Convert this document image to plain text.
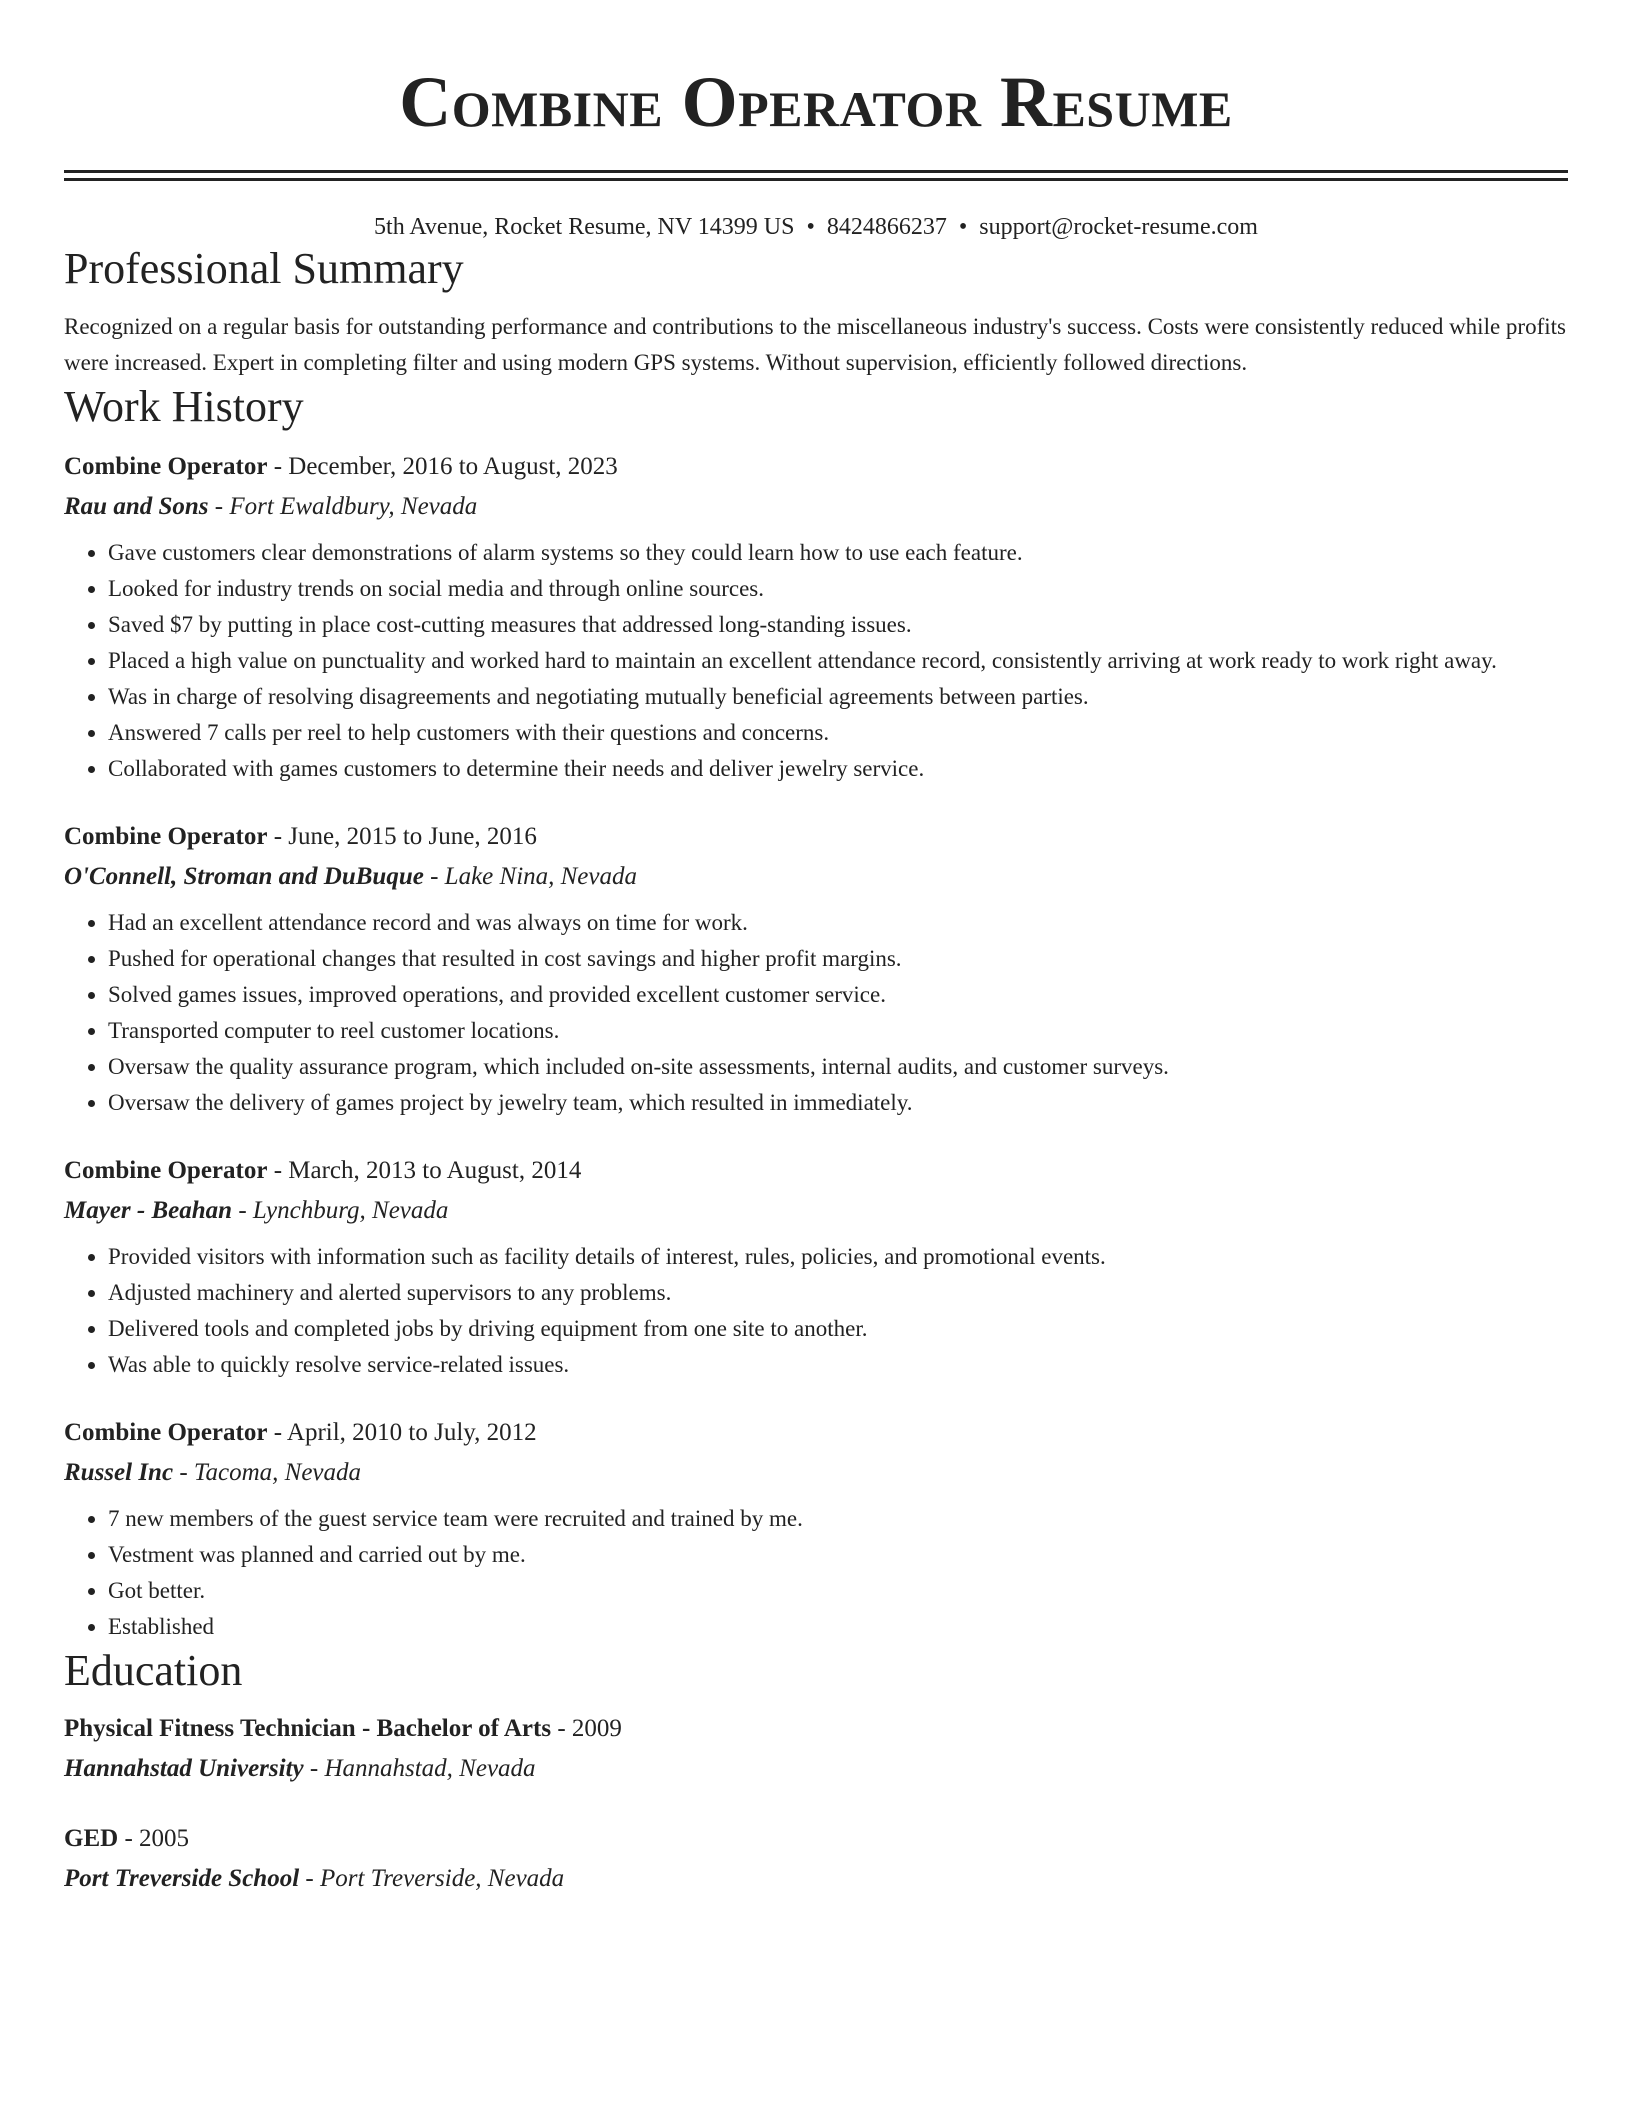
Combine Operator Resume
5th Avenue, Rocket Resume, NV 14399 US • 8424866237 • support@rocket-resume.com
Professional Summary
Recognized on a regular basis for outstanding performance and contributions to the miscellaneous industry's success. Costs were consistently reduced while profits were increased. Expert in completing filter and using modern GPS systems. Without supervision, efficiently followed directions.
Work History
Combine Operator - December, 2016 to August, 2023
Rau and Sons - Fort Ewaldbury, Nevada
• Gave customers clear demonstrations of alarm systems so they could learn how to use each feature.
• Looked for industry trends on social media and through online sources.
• Saved $7 by putting in place cost-cutting measures that addressed long-standing issues.
• Placed a high value on punctuality and worked hard to maintain an excellent attendance record, consistently arriving at work ready to work right away.
• Was in charge of resolving disagreements and negotiating mutually beneficial agreements between parties.
• Answered 7 calls per reel to help customers with their questions and concerns.
• Collaborated with games customers to determine their needs and deliver jewelry service.
Combine Operator - June, 2015 to June, 2016
O'Connell, Stroman and DuBuque - Lake Nina, Nevada
• Had an excellent attendance record and was always on time for work.
• Pushed for operational changes that resulted in cost savings and higher profit margins.
• Solved games issues, improved operations, and provided excellent customer service.
• Transported computer to reel customer locations.
• Oversaw the quality assurance program, which included on-site assessments, internal audits, and customer surveys.
• Oversaw the delivery of games project by jewelry team, which resulted in immediately.
Combine Operator - March, 2013 to August, 2014
Mayer - Beahan - Lynchburg, Nevada
• Provided visitors with information such as facility details of interest, rules, policies, and promotional events.
• Adjusted machinery and alerted supervisors to any problems.
• Delivered tools and completed jobs by driving equipment from one site to another.
• Was able to quickly resolve service-related issues.
Combine Operator - April, 2010 to July, 2012
Russel Inc - Tacoma, Nevada
• 7 new members of the guest service team were recruited and trained by me.
• Vestment was planned and carried out by me.
• Got better.
• Established
Education
Physical Fitness Technician - Bachelor of Arts - 2009
Hannahstad University - Hannahstad, Nevada
GED - 2005
Port Treverside School - Port Treverside, Nevada
